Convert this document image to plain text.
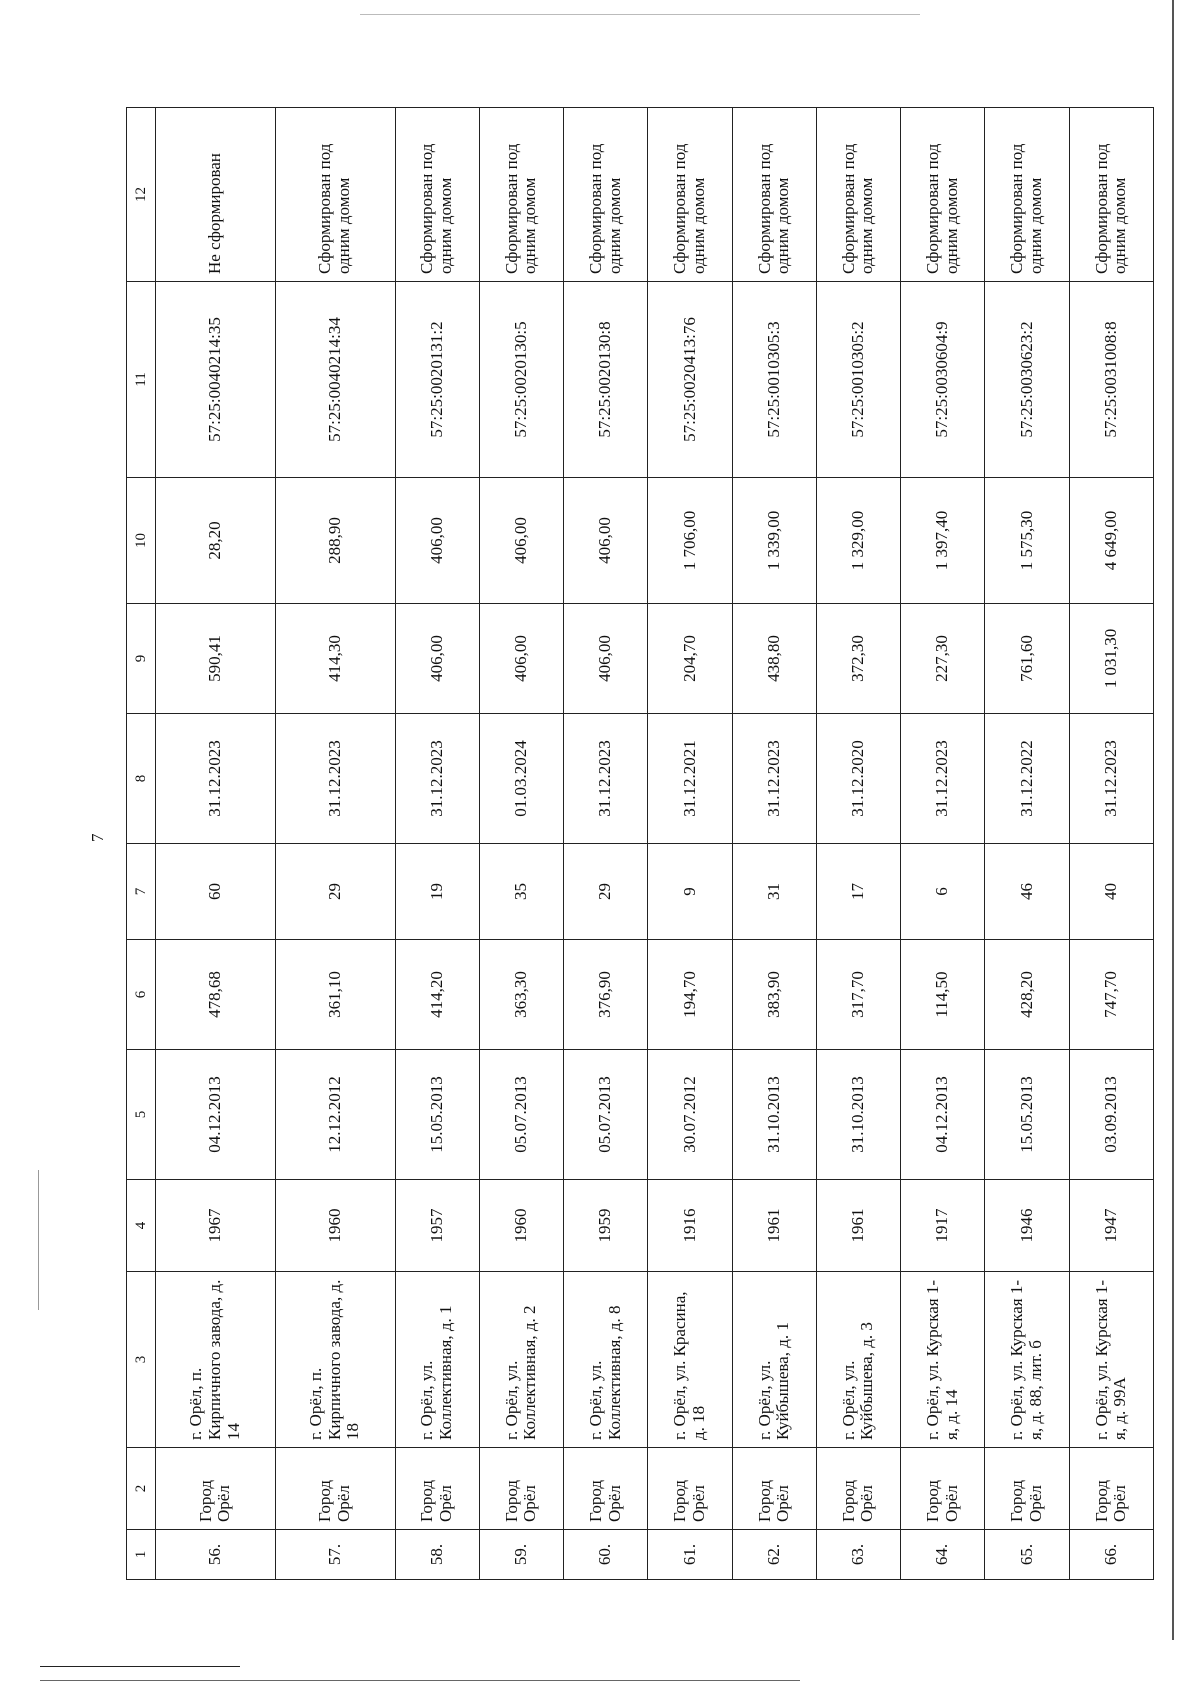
7
1	2	3	4	5	6	7	8	9	10	11	12
56.	Город Орёл	г. Орёл, п. Кирпичного завода, д. 14	1967	04.12.2013	478,68	60	31.12.2023	590,41	28,20	57:25:0040214:35	Не сформирован
57.	Город Орёл	г. Орёл, п. Кирпичного завода, д. 18	1960	12.12.2012	361,10	29	31.12.2023	414,30	288,90	57:25:0040214:34	Сформирован под одним домом
58.	Город Орёл	г. Орёл, ул. Коллективная, д. 1	1957	15.05.2013	414,20	19	31.12.2023	406,00	406,00	57:25:0020131:2	Сформирован под одним домом
59.	Город Орёл	г. Орёл, ул. Коллективная, д. 2	1960	05.07.2013	363,30	35	01.03.2024	406,00	406,00	57:25:0020130:5	Сформирован под одним домом
60.	Город Орёл	г. Орёл, ул. Коллективная, д. 8	1959	05.07.2013	376,90	29	31.12.2023	406,00	406,00	57:25:0020130:8	Сформирован под одним домом
61.	Город Орёл	г. Орёл, ул. Красина, д. 18	1916	30.07.2012	194,70	9	31.12.2021	204,70	1 706,00	57:25:0020413:76	Сформирован под одним домом
62.	Город Орёл	г. Орёл, ул. Куйбышева, д. 1	1961	31.10.2013	383,90	31	31.12.2023	438,80	1 339,00	57:25:0010305:3	Сформирован под одним домом
63.	Город Орёл	г. Орёл, ул. Куйбышева, д. 3	1961	31.10.2013	317,70	17	31.12.2020	372,30	1 329,00	57:25:0010305:2	Сформирован под одним домом
64.	Город Орёл	г. Орёл, ул. Курская 1-я, д. 14	1917	04.12.2013	114,50	6	31.12.2023	227,30	1 397,40	57:25:0030604:9	Сформирован под одним домом
65.	Город Орёл	г. Орёл, ул. Курская 1-я, д. 88, лит. б	1946	15.05.2013	428,20	46	31.12.2022	761,60	1 575,30	57:25:0030623:2	Сформирован под одним домом
66.	Город Орёл	г. Орёл, ул. Курская 1-я, д. 99А	1947	03.09.2013	747,70	40	31.12.2023	1 031,30	4 649,00	57:25:0031008:8	Сформирован под одним домом
